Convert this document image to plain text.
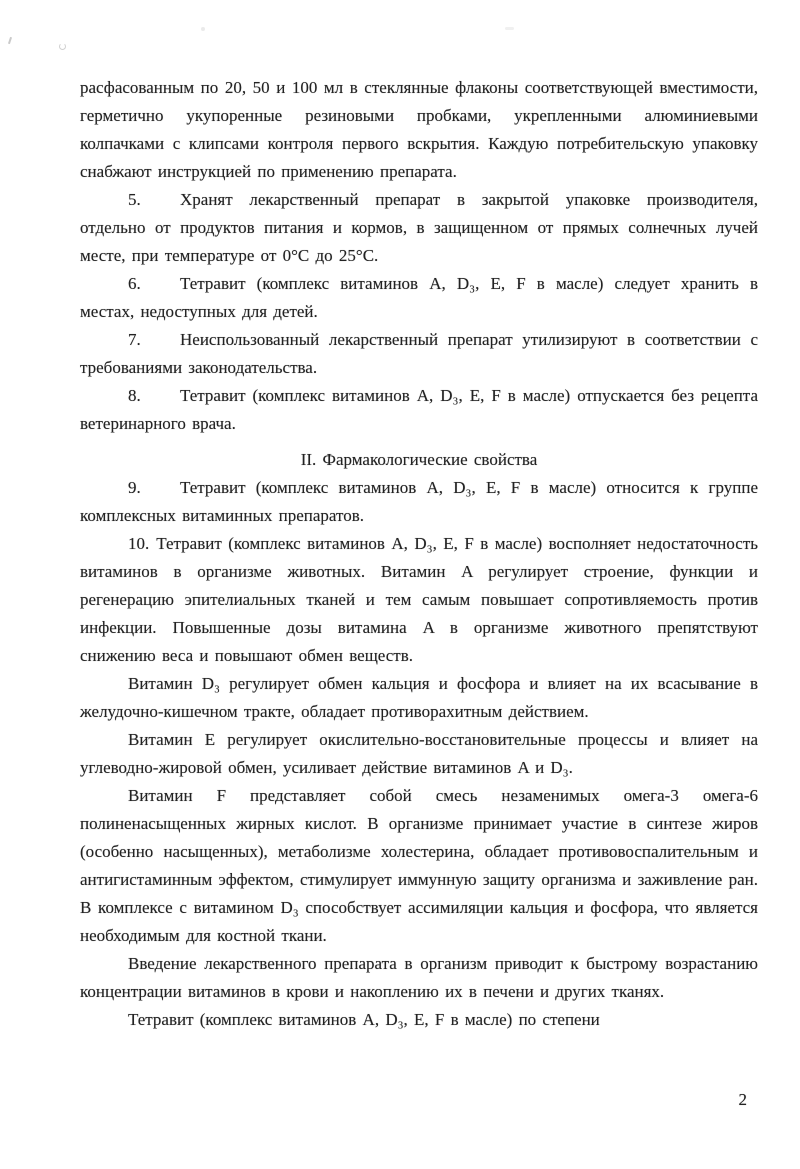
расфасованным по 20, 50 и 100 мл в стеклянные флаконы соответствующей вместимости, герметично укупоренные резиновыми пробками, укрепленными алюминиевыми колпачками с клипсами контроля первого вскрытия. Каждую потребительскую упаковку снабжают инструкцией по применению препарата.

5. Хранят лекарственный препарат в закрытой упаковке производителя, отдельно от продуктов питания и кормов, в защищенном от прямых солнечных лучей месте, при температуре от 0°С до 25°С.

6. Тетравит (комплекс витаминов A, D₃, E, F в масле) следует хранить в местах, недоступных для детей.

7. Неиспользованный лекарственный препарат утилизируют в соответствии с требованиями законодательства.

8. Тетравит (комплекс витаминов A, D₃, E, F в масле) отпускается без рецепта ветеринарного врача.

II. Фармакологические свойства

9. Тетравит (комплекс витаминов A, D₃, E, F в масле) относится к группе комплексных витаминных препаратов.

10. Тетравит (комплекс витаминов A, D₃, E, F в масле) восполняет недостаточность витаминов в организме животных. Витамин A регулирует строение, функции и регенерацию эпителиальных тканей и тем самым повышает сопротивляемость против инфекции. Повышенные дозы витамина A в организме животного препятствуют снижению веса и повышают обмен веществ.

Витамин D₃ регулирует обмен кальция и фосфора и влияет на их всасывание в желудочно-кишечном тракте, обладает противорахитным действием.

Витамин E регулирует окислительно-восстановительные процессы и влияет на углеводно-жировой обмен, усиливает действие витаминов A и D₃.

Витамин F представляет собой смесь незаменимых омега-3 омега-6 полиненасыщенных жирных кислот. В организме принимает участие в синтезе жиров (особенно насыщенных), метаболизме холестерина, обладает противовоспалительным и антигистаминным эффектом, стимулирует иммунную защиту организма и заживление ран. В комплексе с витамином D₃ способствует ассимиляции кальция и фосфора, что является необходимым для костной ткани.

Введение лекарственного препарата в организм приводит к быстрому возрастанию концентрации витаминов в крови и накоплению их в печени и других тканях.

Тетравит (комплекс витаминов A, D₃, E, F в масле) по степени

2
